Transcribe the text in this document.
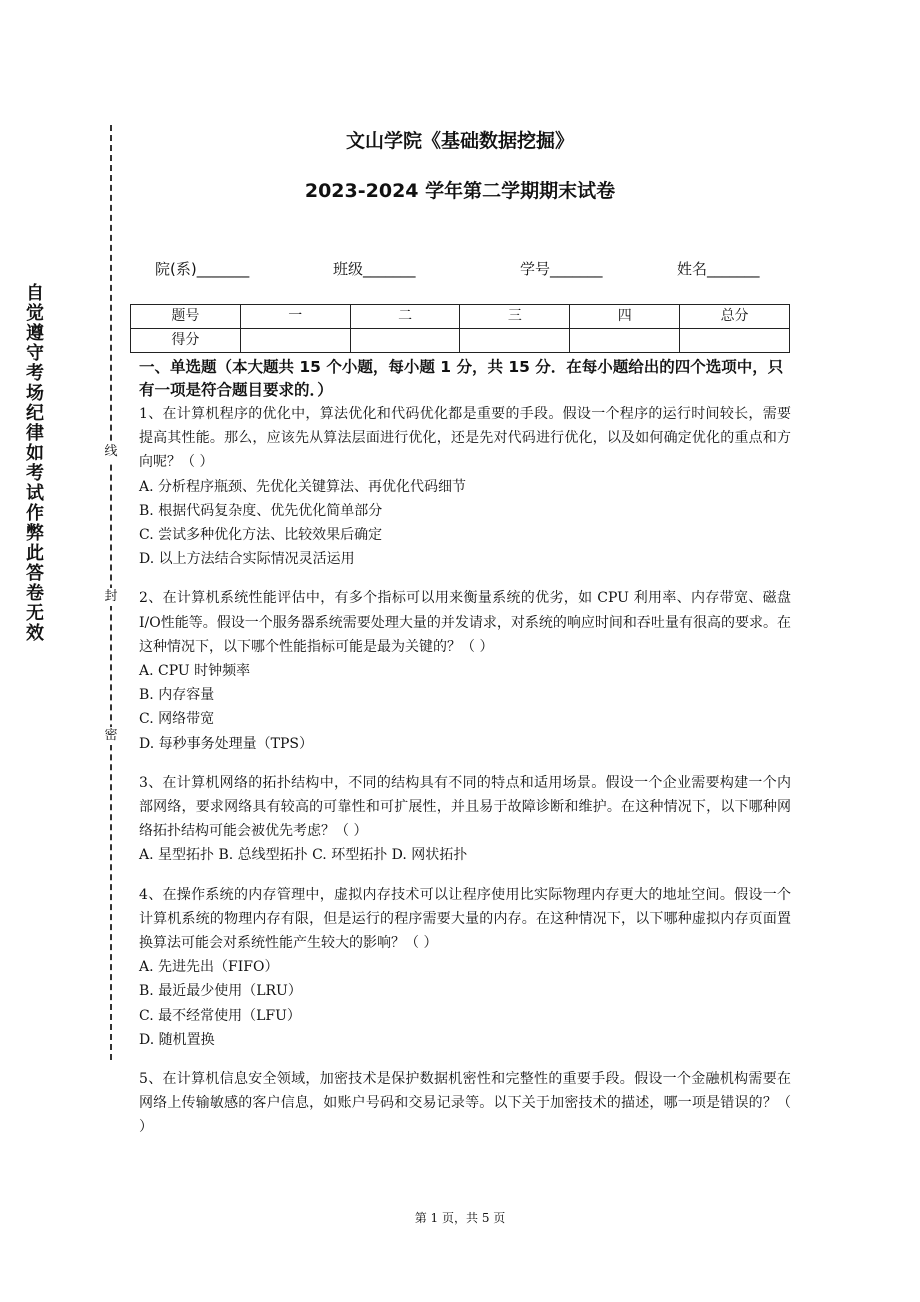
自
觉
遵
守
考
场
纪
律
如
考
试
作
弊
此
答
卷
无
效
线
封
密
文山学院《基础数据挖掘》
2023-2024 学年第二学期期末试卷
院(系)_______	班级_______	学号_______	姓名_______
题号	一	二	三	四	总分
得分					

一、单选题（本大题共 15 个小题，每小题 1 分，共 15 分．在每小题给出的四个选项中，只有一项是符合题目要求的．）

1、在计算机程序的优化中，算法优化和代码优化都是重要的手段。假设一个程序的运行时间较长，需要提高其性能。那么，应该先从算法层面进行优化，还是先对代码进行优化，以及如何确定优化的重点和方向呢？（ ）

A. 分析程序瓶颈、先优化关键算法、再优化代码细节

B. 根据代码复杂度、优先优化简单部分

C. 尝试多种优化方法、比较效果后确定

D. 以上方法结合实际情况灵活运用

2、在计算机系统性能评估中，有多个指标可以用来衡量系统的优劣，如 CPU 利用率、内存带宽、磁盘I/O性能等。假设一个服务器系统需要处理大量的并发请求，对系统的响应时间和吞吐量有很高的要求。在这种情况下，以下哪个性能指标可能是最为关键的？（ ）

A. CPU 时钟频率

B. 内存容量

C. 网络带宽

D. 每秒事务处理量（TPS）

3、在计算机网络的拓扑结构中，不同的结构具有不同的特点和适用场景。假设一个企业需要构建一个内部网络，要求网络具有较高的可靠性和可扩展性，并且易于故障诊断和维护。在这种情况下，以下哪种网络拓扑结构可能会被优先考虑？（ ）

A. 星型拓扑 B. 总线型拓扑 C. 环型拓扑 D. 网状拓扑

4、在操作系统的内存管理中，虚拟内存技术可以让程序使用比实际物理内存更大的地址空间。假设一个计算机系统的物理内存有限，但是运行的程序需要大量的内存。在这种情况下，以下哪种虚拟内存页面置换算法可能会对系统性能产生较大的影响？（ ）

A. 先进先出（FIFO）

B. 最近最少使用（LRU）

C. 最不经常使用（LFU）

D. 随机置换

5、在计算机信息安全领域，加密技术是保护数据机密性和完整性的重要手段。假设一个金融机构需要在网络上传输敏感的客户信息，如账户号码和交易记录等。以下关于加密技术的描述，哪一项是错误的？（ ）

第 1 页，共 5 页
